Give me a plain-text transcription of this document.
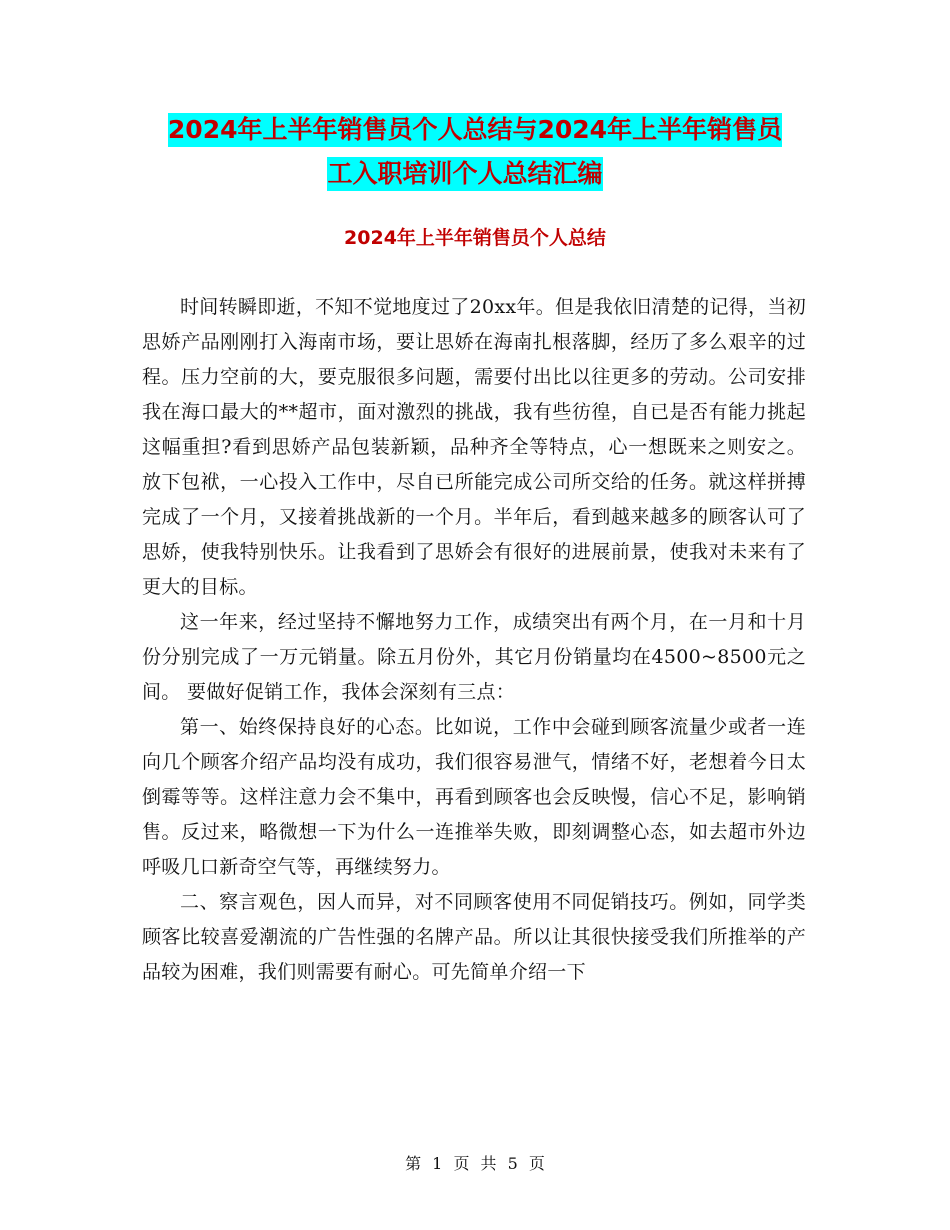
2024年上半年销售员个人总结与2024年上半年销售员
工入职培训个人总结汇编
2024年上半年销售员个人总结

时间转瞬即逝，不知不觉地度过了20xx年。但是我依旧清楚的记得，当初思娇产品刚刚打入海南市场，要让思娇在海南扎根落脚，经历了多么艰辛的过程。压力空前的大，要克服很多问题，需要付出比以往更多的劳动。公司安排我在海口最大的**超市，面对激烈的挑战，我有些彷徨，自已是否有能力挑起这幅重担?看到思娇产品包装新颖，品种齐全等特点，心一想既来之则安之。放下包袱，一心投入工作中，尽自已所能完成公司所交给的任务。就这样拼搏完成了一个月，又接着挑战新的一个月。半年后，看到越来越多的顾客认可了思娇，使我特别快乐。让我看到了思娇会有很好的进展前景，使我对未来有了更大的目标。

这一年来，经过坚持不懈地努力工作，成绩突出有两个月，在一月和十月份分别完成了一万元销量。除五月份外，其它月份销量均在4500~8500元之间。 要做好促销工作，我体会深刻有三点：

第一、始终保持良好的心态。比如说，工作中会碰到顾客流量少或者一连向几个顾客介绍产品均没有成功，我们很容易泄气，情绪不好，老想着今日太倒霉等等。这样注意力会不集中，再看到顾客也会反映慢，信心不足，影响销售。反过来，略微想一下为什么一连推举失败，即刻调整心态，如去超市外边呼吸几口新奇空气等，再继续努力。

二、察言观色，因人而异，对不同顾客使用不同促销技巧。例如，同学类顾客比较喜爱潮流的广告性强的名牌产品。所以让其很快接受我们所推举的产品较为困难，我们则需要有耐心。可先简单介绍一下

第 1 页 共 5 页
